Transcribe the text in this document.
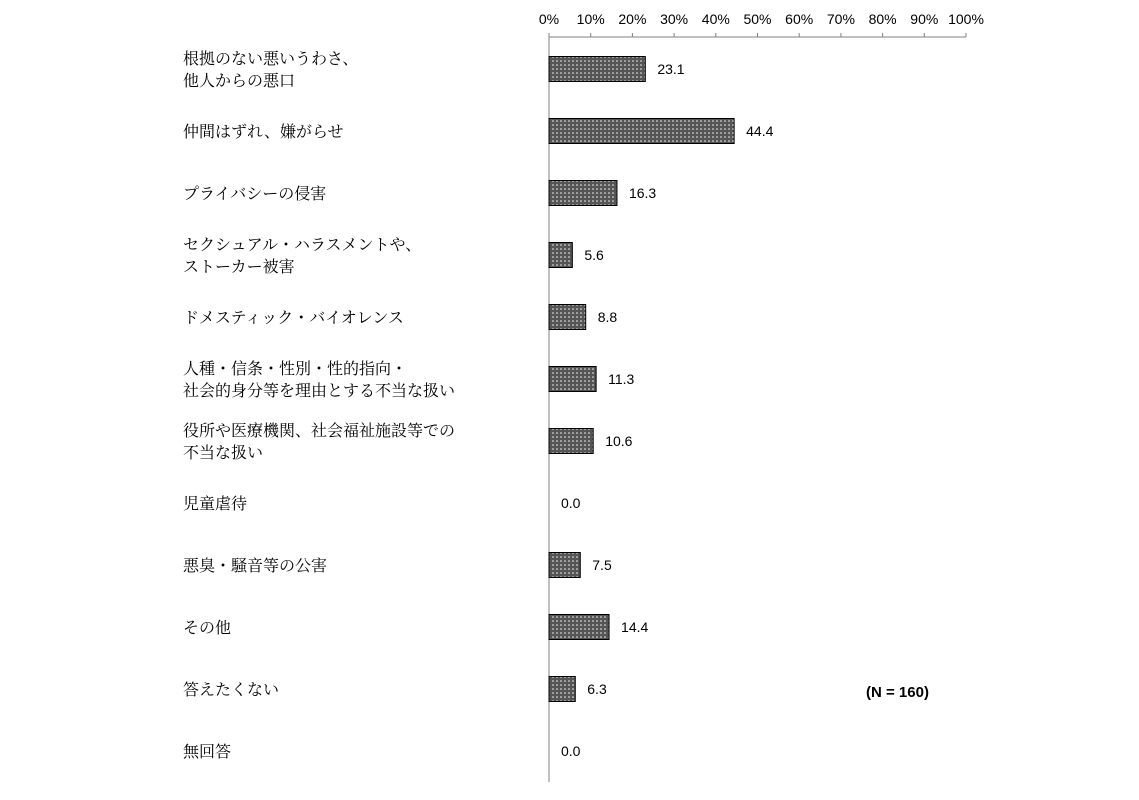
0% 10% 20% 30% 40% 50% 60% 70% 80% 90% 100%
23.1
44.4
16.3
5.6
8.8
11.3
10.6
0.0
7.5
14.4
6.3
0.0
根拠のない悪いうわさ、他人からの悪口
仲間はずれ、嫌がらせ
プライバシーの侵害
セクシュアル・ハラスメントや、ストーカー被害
ドメスティック・バイオレンス
人種・信条・性別・性的指向・社会的身分等を理由とする不当な扱い
役所や医療機関、社会福祉施設等での不当な扱い
児童虐待
悪臭・騒音等の公害
その他
答えたくない
無回答
(N = 160)
